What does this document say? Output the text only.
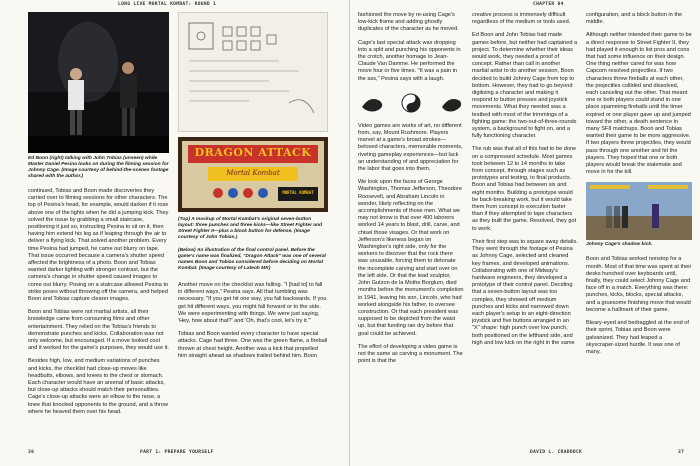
LONG LIVE MORTAL KOMBAT: ROUND 1
Ed Boon (right) talking with John Tobias (unseen) while Master Daniel Pesina looks on during the filming session for Johnny Cage. (Image courtesy of behind-the-scenes footage shared with the author.)

continued, Tobias and Boon made discoveries they carried over to filming sessions for other characters. The top of Pesina's head, for example, would darken if it rose above one of the lights when he did a jumping kick. They solved the issue by grabbing a small staircase, positioning it just so, instructing Pesina to sit on it, then having him extend his leg as if leaping through the air to deliver a flying kick. That solved another problem. Every time Pesina had jumped, he came out blurry on tape. That issue occurred because a camera's shutter speed affected the brightness of a photo. Boon and Tobias wanted darker lighting with stronger contrast, but the camera's change in shutter speed caused images to come out blurry. Posing on a staircase allowed Pesina to strike poses without throwing off the camera, and helped Boon and Tobias capture clearer images.

Boon and Tobias were not martial artists, all their knowledge came from consuming films and other entertainment. They relied on the Tobias's friends to demonstrate punches and kicks. Collaboration was not only welcome, but encouraged. If a move looked cool and it worked for the game's purposes, they would use it.

Besides high, low, and medium variations of punches and kicks, the checklist had close-up moves like headbutts, elbows, and knees to the chest or stomach. Each character would have an arsenal of basic attacks, but close-up attacks should match their personalities. Cage's close-up attacks were an elbow to the nose, a knee that knocked opponents to the ground, and a throw where he heaved them over his head.

DRAGON ATTACK
Mortal Kombat
MORTAL KOMBAT
(Top) A mockup of Mortal Kombat's original seven-button layout: three punches and three kicks—like Street Fighter and Street Fighter II—plus a block button for defense. (Image courtesy of John Tobias.)
(Below) An illustration of the final control panel. Before the game's name was finalized, "Dragon Attack" was one of several names Boon and Tobias considered before deciding on Mortal Kombat. (Image courtesy of Lateoh MK)

Another move on the checklist was falling. "I [had to] to fall in different ways," Pesina says. All that tumbling was necessary. "If you get hit one way, you fall backwards. If you get hit different ways, you might fall forward or to the side. We were experimenting with things. We were just saying, 'Hey, how about that?' and 'Oh, that's cool, let's try it.'"

Tobias and Boon wanted every character to have special attacks. Cage had three. One was the green flame, a fireball thrown at chest height. Another was a kick that propelled him straight ahead as shadows trailed behind him. Boon

38	PART 1: PREPARE YOURSELF
CHAPTER 04

fashioned the move by re-using Cage's low-kick frame and adding ghostly duplicates of the character as he moved.

Cage's last special attack was dropping into a split and punching his opponents in the crotch, another homage to Jean-Claude Van Damme. He performed the move four or five times. "It was a pain in the ass," Pesina says with a laugh.

Video games are works of art, no different from, say, Mount Rushmore. Players marvel at a game's broad strokes—beloved characters, memorable moments, riveting gameplay experiences—but lack an understanding of and appreciation for the labor that goes into them.

We look upon the faces of George Washington, Thomas Jefferson, Theodore Roosevelt, and Abraham Lincoln in wonder, likely reflecting on the accomplishments of those men. What we may not know is that over 400 laborers worked 14 years to blast, drill, carve, and chisel those visages. Or that work on Jefferson's likeness began on Washington's right side, only for the workers to discover that the rock there was unusable, forcing them to detonate the incomplete carving and start over on the left side. Or that the lead sculptor, John Gutzon de la Mothe Borglum, died months before the monument's completion in 1941, leaving his son, Lincoln, who had worked alongside his father, to oversee construction. Or that each president was supposed to be depicted from the waist up, but that funding ran dry before that goal could be achieved.

The effort of developing a video game is not the same as carving a monument. The point is that the

creative process is immensely difficult regardless of the medium or tools used.

Ed Boon and John Tobias had made games before, but neither had captained a project. To determine whether their ideas would work, they needed a proof of concept. Rather than call in another martial artist to do another session, Boon decided to build Johnny Cage from top to bottom. However, they had to go beyond digitizing a character and making it respond to button presses and joystick movements. What they needed was a testbed with most of the trimmings of a fighting game: the two-out-of-three-rounds system, a background to fight on, and a fully functioning character.

The rub was that all of this had to be done on a compressed schedule. Most games took between 12 to 14 months to take from concept, through stages such as prototypes and testing, to final products. Boon and Tobias had between six and eight months. Building a prototype would be back-breaking work, but it would take them from concept to execution faster than if they attempted to tape characters as they built the game. Resolved, they got to work.

Their first step was to square away details. They went through the footage of Pesina as Johnny Cage, selected and cleaned key frames, and developed animations. Collaborating with one of Midway's hardware engineers, they developed a prototype of their control panel. Deciding that a seven-button layout was too complex, they showed off medium punches and kicks and narrowed down each player's setup to an eight-direction joystick and five buttons arranged in an "X" shape: high punch over low punch, both positioned on the lefthand side, and high and low kick on the right in the same

configuration, and a block button in the middle.

Although neither intended their game to be a direct response to Street Fighter II, they had played it enough to list pros and cons that had some influence on their design. One thing neither cared for was how Capcom resolved projectiles. If two characters threw fireballs at each other, the projectiles collided and dissolved, each canceling out the other. That meant one or both players could stand in one place spamming fireballs until the timer expired or one player gave up and jumped toward the other, a death sentence in many SFII matchups. Boon and Tobias wanted their game to be more aggressive. If two players threw projectiles, they would pass through one another and hit the players. They hoped that one or both players would break the stalemate and move in for the kill.

Johnny Cage's shadow kick.

Boon and Tobias worked nonstop for a month. Most of that time was spent at their desks hunched over keyboards until, finally, they could select Johnny Cage and face off in a match. Everything was there: punches, kicks, blocks, special attacks, and a gruesome finishing move that would become a hallmark of their game.

Bleary-eyed and bedraggled at the end of their sprint, Tobias and Boon were galvanized. They had leaped a skyscraper-sized hurdle. It was one of many.

DAVID L. CRADDOCK	37
